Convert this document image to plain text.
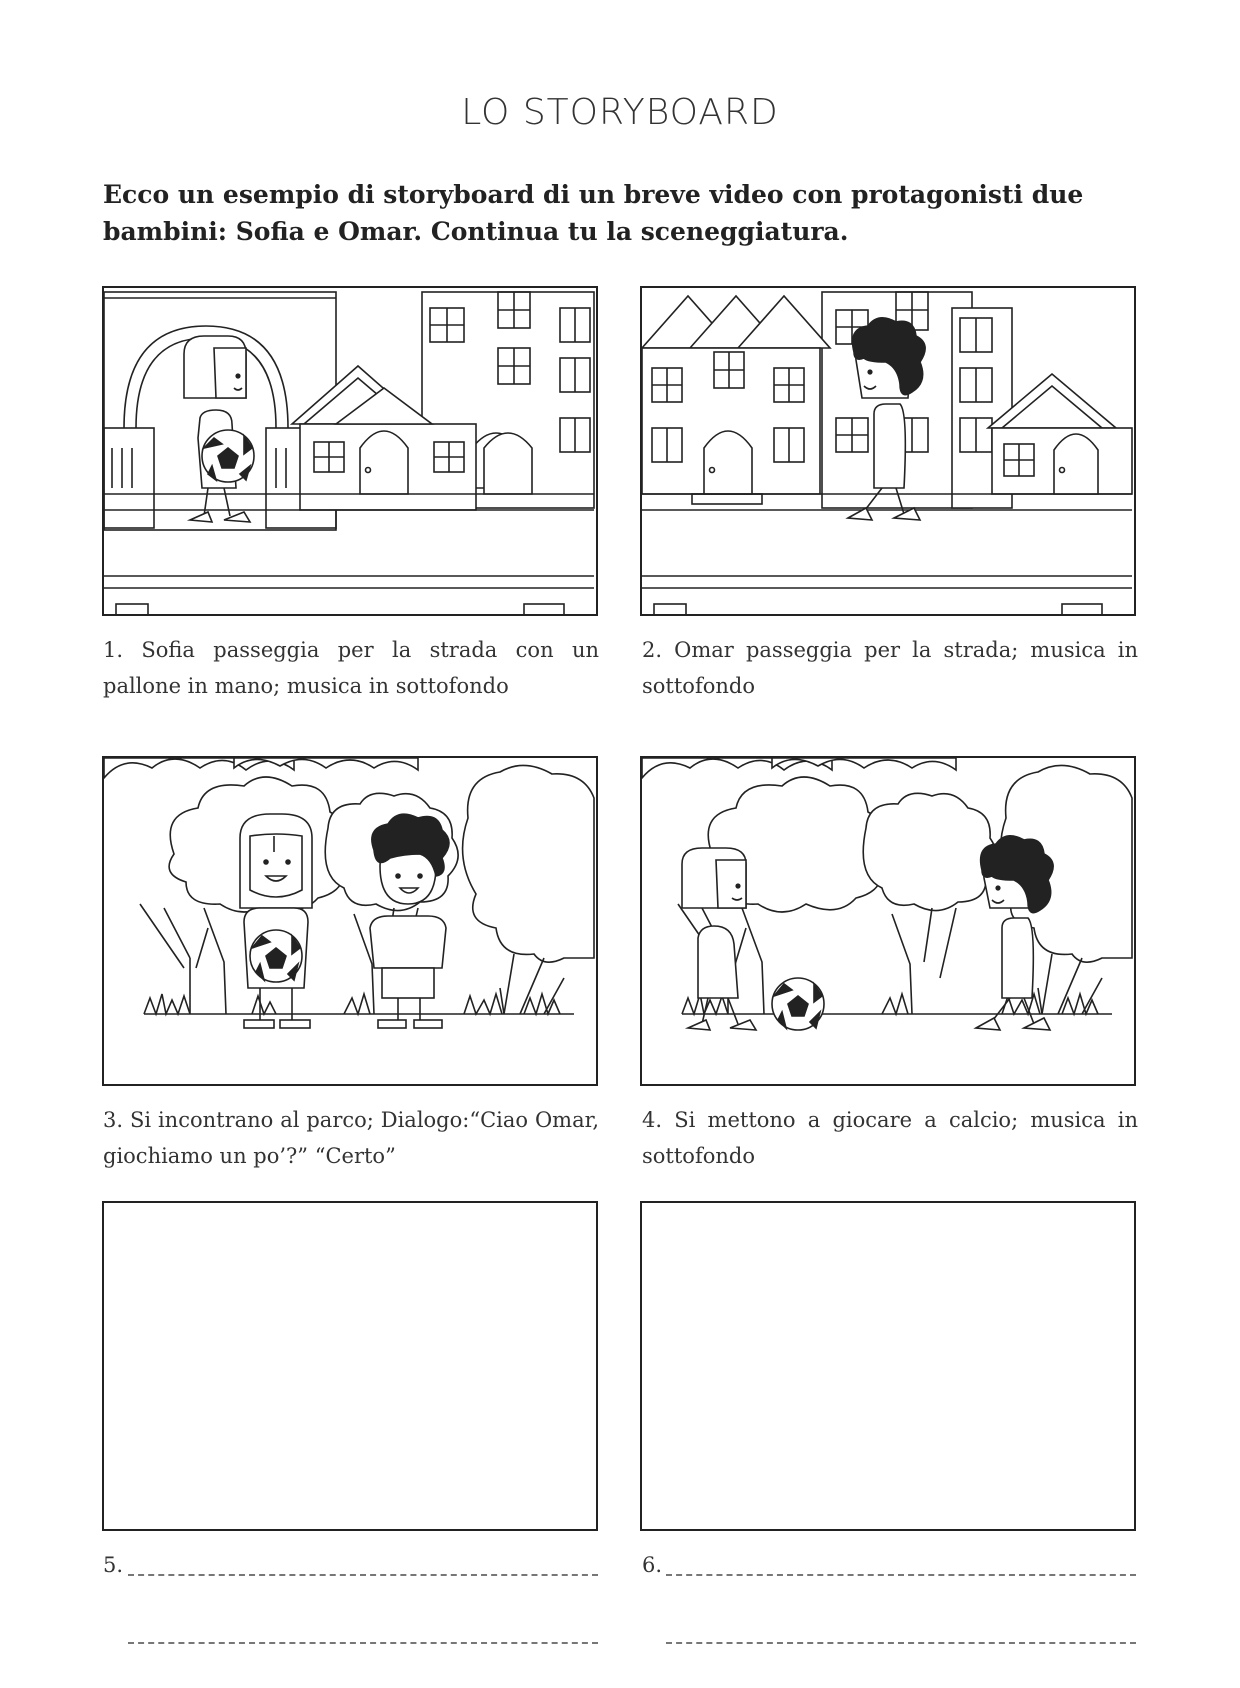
LO STORYBOARD
Ecco un esempio di storyboard di un breve video con protagonisti due bambini: Sofia e Omar. Continua tu la sceneggiatura.
1. Sofia passeggia per la strada con un pallone in mano; musica in sottofondo
2. Omar passeggia per la strada; musica in sottofondo
3. Si incontrano al parco; Dialogo:“Ciao Omar, giochiamo un po’?” “Certo”
4. Si mettono a giocare a calcio; musica in sottofondo
5.	6.
